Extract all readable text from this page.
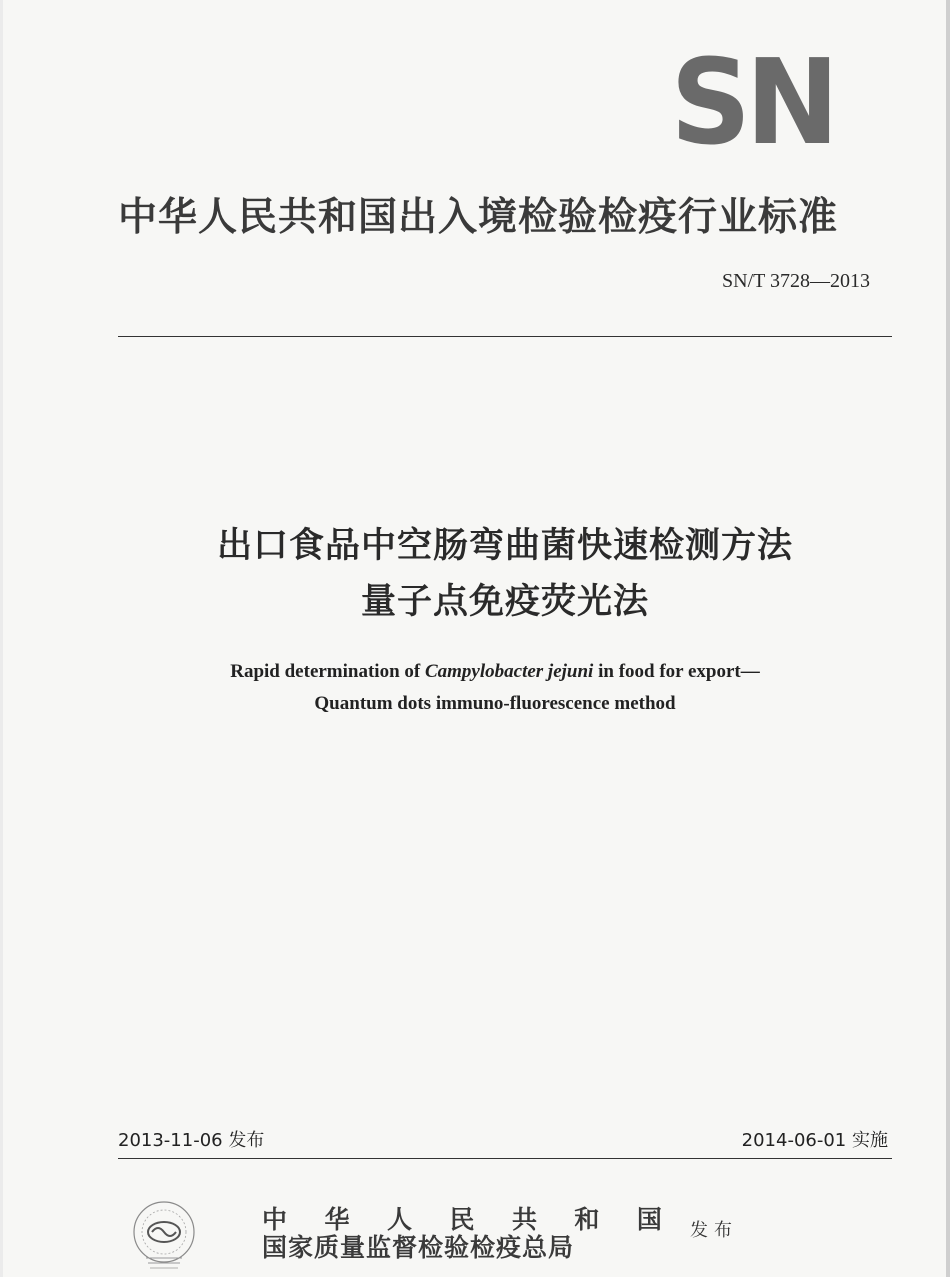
SN
中华人民共和国出入境检验检疫行业标准
SN/T 3728—2013
出口食品中空肠弯曲菌快速检测方法
量子点免疫荧光法
Rapid determination of Campylobacter jejuni in food for export—
Quantum dots immuno-fluorescence method
2013-11-06 发布	2014-06-01 实施
中 华 人 民 共 和 国
国家质量监督检验检疫总局
发布
